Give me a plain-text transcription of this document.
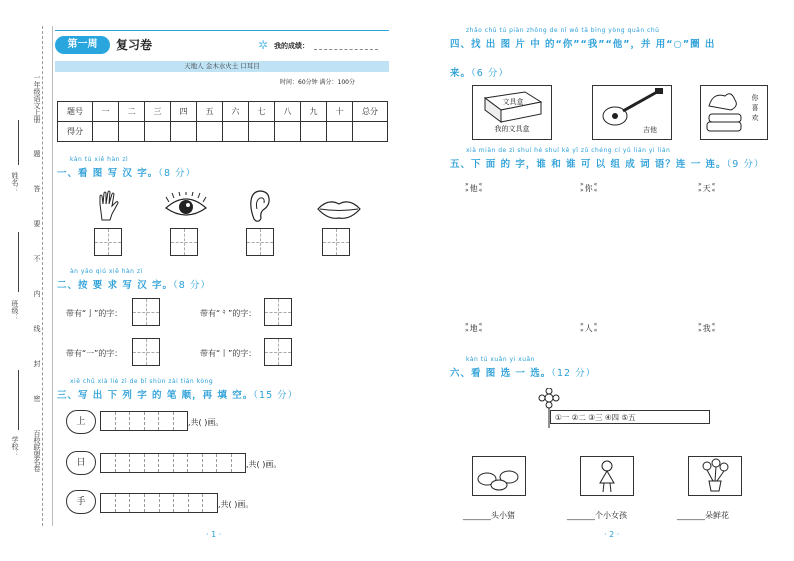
姓名：
班级：
学校：
一年级语文上册
百校联盟名卷
题
答
要
不
内
线
封
密
第一周	复习卷	✲ 我的成绩：
天地人 金木水火土 口耳目
时间：60分钟 满分：100分
题号	一	二	三	四	五	六	七	八	九	十	总分
得分											
kàn tú xiě hàn zì
一、看 图 写 汉 字。（8 分）
àn yāo qiú xiě hàn zì
二、按 要 求 写 汉 字。（8 分）
带有“亅”的字：	带有“⺀”的字：
带有“一”的字：	带有“丨”的字：
xiě chū xià liè zì de bǐ shùn zài tián kòng
三、写 出 下 列 字 的 笔 顺，再 填 空。（15 分）
上	,共( )画。
日	,共( )画。
手	,共( )画。
· 1 ·
zhǎo chū tú piàn zhōng de nǐ wǒ tā bìng yòng quān chū
四、找 出 图 片 中 的“你”“我”“他”，并 用“○”圈 出
来。（6 分）
文具盒
我的文具盒	吉他
你
喜
欢
xià miàn de zì shuí hé shuí kě yǐ zǔ chéng cí yǔ lián yi lián
五、下 面 的 字，谁 和 谁 可 以 组 成 词 语？连 一 连。（9 分）
»
» 他 «
«
»
» 你 «
«
»
» 天 «
«
»
» 地 «
«
»
» 人 «
«
»
» 我 «
«
kàn tú xuǎn yi xuǎn
六、看 图 选 一 选。（12 分）
①一 ②二 ③三 ④四 ⑤五
_______头小猪	_______个小女孩	_______朵鲜花
· 2 ·
